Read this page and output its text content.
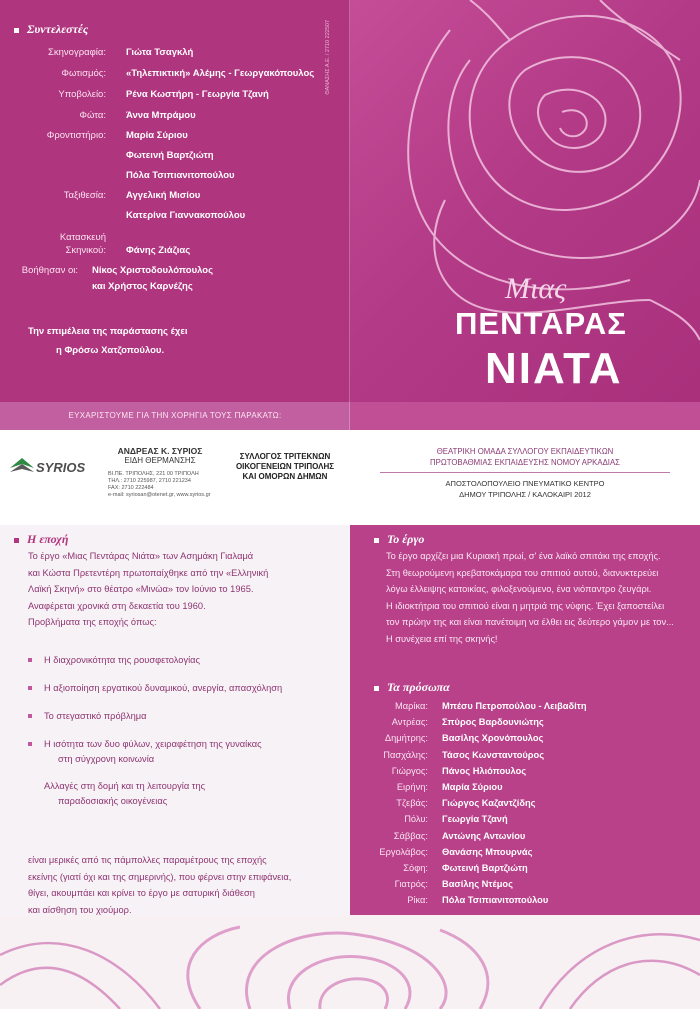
Συντελεστές
Σκηνογραφία: Γιώτα Τσαγκλή
Φωτισμός: «Τηλεπικτική» Αλέμης - Γεωργακόπουλος
Υποβολείο: Ρένα Κωστήρη - Γεωργία Τζανή
Φώτα: Άννα Μπράμου
Φροντιστήριο: Μαρία Σύριου
Φωτεινή Βαρτζιώτη
Πόλα Τσιπιανιτοπούλου
Ταξιθεσία: Αγγελική Μισίου
Κατερίνα Γιαννακοπούλου
Κατασκευή
Σκηνικού: Φάνης Ζιάζιας
Βοήθησαν οι: Νίκος Χριστοδουλόπουλος
και Χρήστος Καρνέζης
Την επιμέλεια της παράστασης έχει
η Φρόσω Χατζοπούλου.
ΘΑΝΑΣΗΣ Α.Ε. / 2710 222507
ΕΥΧΑΡΙΣΤΟΥΜΕ ΓΙΑ ΤΗΝ ΧΟΡΗΓΙΑ ΤΟΥΣ ΠΑΡΑΚΑΤΩ:
Μιας
ΠΕΝΤΑΡΑΣ
ΝΙΑΤΑ
SYRIOS
ΑΝΔΡΕΑΣ Κ. ΣΥΡΙΟΣ
ΕΙΔΗ ΘΕΡΜΑΝΣΗΣ
ΒΙ.ΠΕ. ΤΡΙΠΟΛΗΣ, 221 00 ΤΡΙΠΟΛΗ
ΤΗΛ.: 2710 225987, 2710 221234
FAX: 2710 222484
e-mail: syriosan@otenet.gr, www.syrios.gr
ΣΥΛΛΟΓΟΣ ΤΡΙΤΕΚΝΩΝ
ΟΙΚΟΓΕΝΕΙΩΝ ΤΡΙΠΟΛΗΣ
ΚΑΙ ΟΜΟΡΩΝ ΔΗΜΩΝ
ΘΕΑΤΡΙΚΗ ΟΜΑΔΑ ΣΥΛΛΟΓΟΥ ΕΚΠΑΙΔΕΥΤΙΚΩΝ
ΠΡΩΤΟΒΑΘΜΙΑΣ ΕΚΠΑΙΔΕΥΣΗΣ ΝΟΜΟΥ ΑΡΚΑΔΙΑΣ
ΑΠΟΣΤΟΛΟΠΟΥΛΕΙΟ ΠΝΕΥΜΑΤΙΚΟ ΚΕΝΤΡΟ
ΔΗΜΟΥ ΤΡΙΠΟΛΗΣ / ΚΑΛΟΚΑΙΡΙ 2012
Η εποχή
Το έργο «Μιας Πεντάρας Νιάτα» των Ασημάκη Γιαλαμά
και Κώστα Πρετεντέρη πρωτοπαίχθηκε από την «Ελληνική
Λαϊκή Σκηνή» στο θέατρο «Μινώα» τον Ιούνιο το 1965.
Αναφέρεται χρονικά στη δεκαετία του 1960.
Προβλήματα της εποχής όπως:
Η διαχρονικότητα της ρουσφετολογίας
Η αξιοποίηση εργατικού δυναμικού, ανεργία, απασχόληση
Το στεγαστικό πρόβλημα
Η ισότητα των δυο φύλων, χειραφέτηση της γυναίκας
στη σύγχρονη κοινωνία
Αλλαγές στη δομή και τη λειτουργία της
παραδοσιακής οικογένειας
είναι μερικές από τις πάμπολλες παραμέτρους της εποχής
εκείνης (γιατί όχι και της σημερινής), που φέρνει στην επιφάνεια,
θίγει, ακουμπάει και κρίνει το έργο με σατυρική διάθεση
και αίσθηση του χιούμορ.
Το έργο
Το έργο αρχίζει μια Κυριακή πρωί, σ' ένα λαϊκό σπιτάκι της εποχής.
Στη θεωρούμενη κρεβατοκάμαρα του σπιτιού αυτού, διανυκτερεύει
λόγω έλλειψης κατοικίας, φιλοξενούμενο, ένα νιόπαντρο ζευγάρι.
Η ιδιοκτήτρια του σπιτιού είναι η μητριά της νύφης. Έχει ξαποστείλει
τον πρώην της και είναι πανέτοιμη να έλθει εις δεύτερο γάμον με τον...
Η συνέχεια επί της σκηνής!
Τα πρόσωπα
Μαρίκα: Μπέσυ Πετροπούλου - Λειβαδίτη
Αντρέας: Σπύρος Βαρδουνιώτης
Δημήτρης: Βασίλης Χρονόπουλος
Πασχάλης: Τάσος Κωνσταντούρος
Γιώργος: Πάνος Ηλιόπουλος
Ειρήνη: Μαρία Σύριου
Τζεβάς: Γιώργος Καζαντζίδης
Πόλυ: Γεωργία Τζανή
Σάββας: Αντώνης Αντωνίου
Εργολάβος: Θανάσης Μπουρνάς
Σόφη: Φωτεινή Βαρτζιώτη
Γιατρός: Βασίλης Ντέμος
Ρίκα: Πόλα Τσιπιανιτοπούλου
